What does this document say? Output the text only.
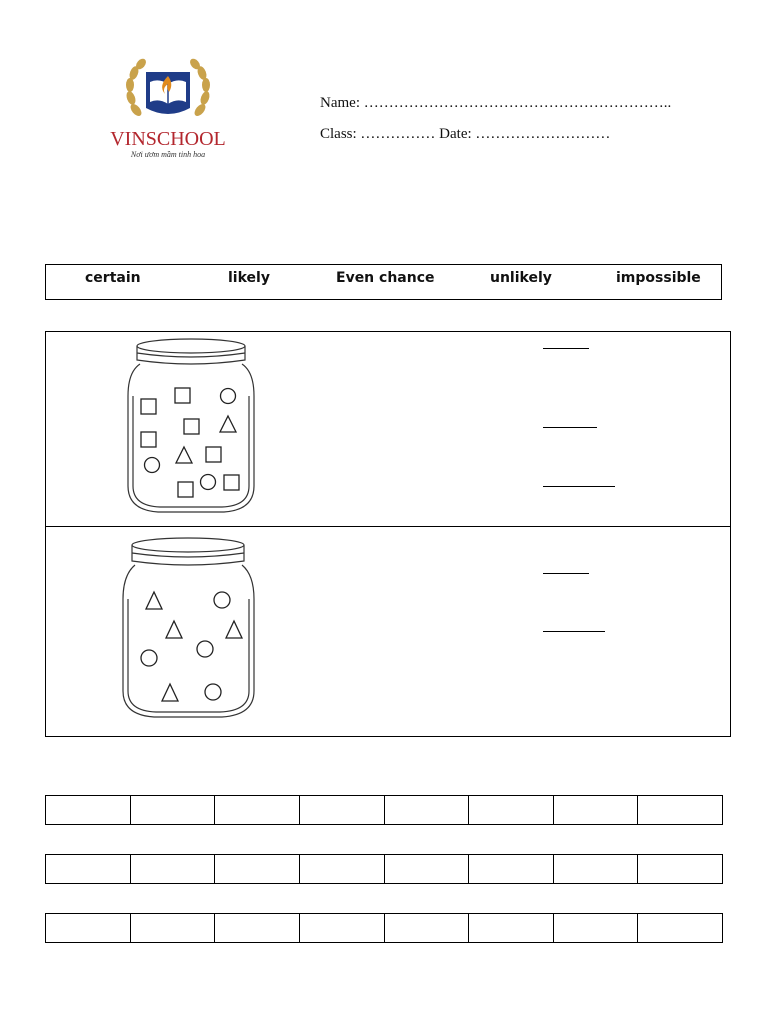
VINSCHOOL
Nơi ươm mầm tinh hoa
Name: ……………………………………………………..
Class: …………… Date: ………………………
certain	likely	Even chance	unlikely	impossible
